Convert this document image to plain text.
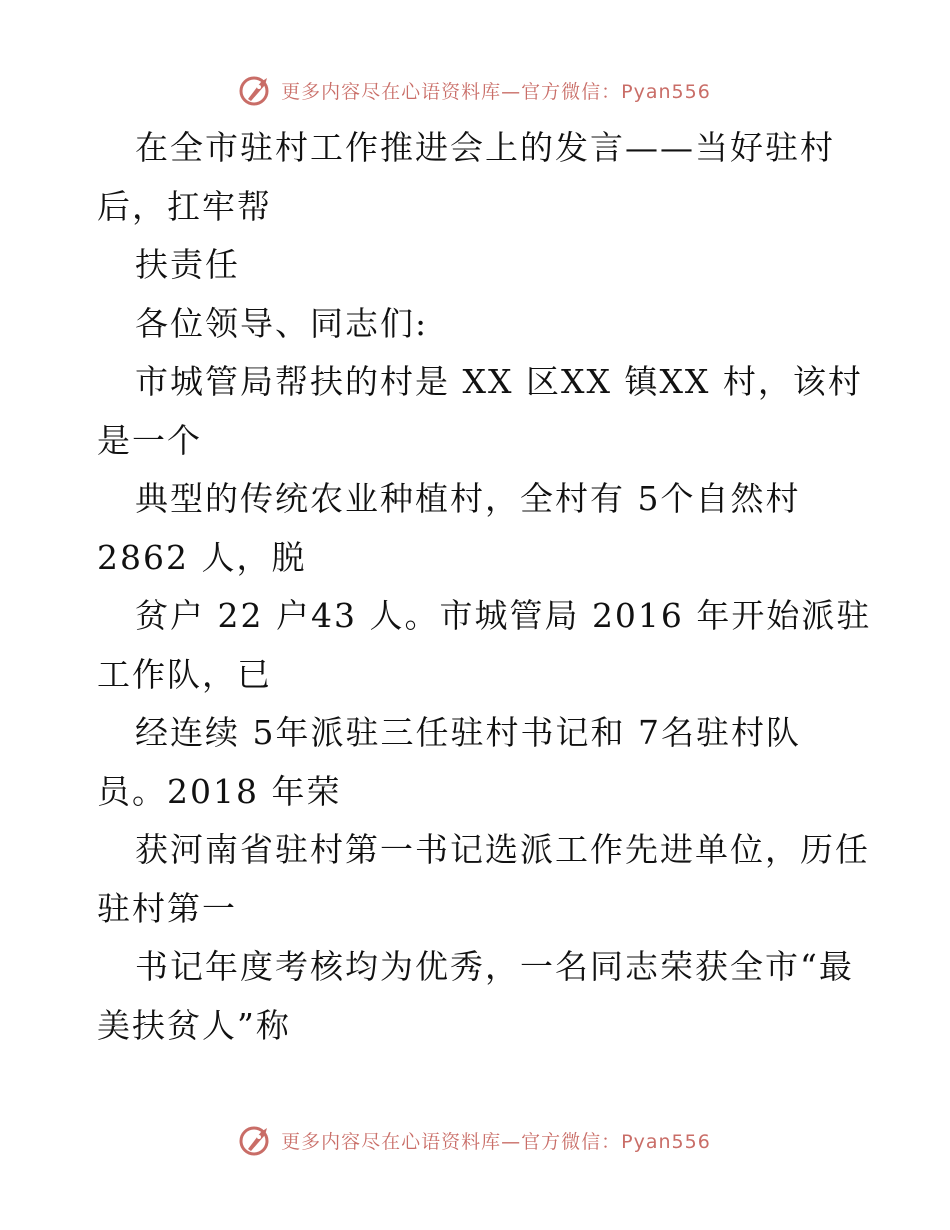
更多内容尽在心语资料库—官方微信：Pyan556
在全市驻村工作推进会上的发言——当好驻村
后，扛牢帮
扶责任
各位领导、同志们:
市城管局帮扶的村是 XX 区XX 镇XX 村，该村
是一个
典型的传统农业种植村，全村有 5个自然村
2862 人，脱
贫户 22 户43 人。市城管局 2016 年开始派驻
工作队，已
经连续 5年派驻三任驻村书记和 7名驻村队
员。2018 年荣
获河南省驻村第一书记选派工作先进单位，历任
驻村第一
书记年度考核均为优秀，一名同志荣获全市“最
美扶贫人”称
更多内容尽在心语资料库—官方微信：Pyan556
